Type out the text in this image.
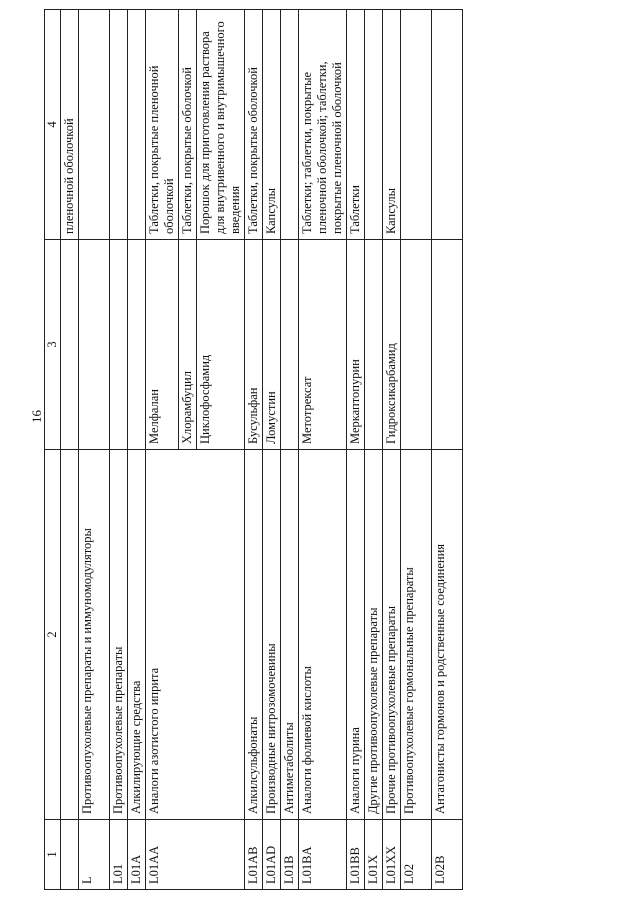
16
1	2	3	4
			пленочной оболочкой
L	Противоопухолевые препараты и иммуномодуляторы		
L01	Противоопухолевые препараты		
L01A	Алкилирующие средства		
L01AA	Аналоги азотистого иприта	Мелфалан	Таблетки, покрытые пленочной оболочкой
		Хлорамбуцил	Таблетки, покрытые оболочкой
		Циклофосфамид	Порошок для приготовления раствора для внутривенного и внутримышечного введения
L01AB	Алкилсульфонаты	Бусульфан	Таблетки, покрытые оболочкой
L01AD	Производные нитрозомочевины	Ломустин	Капсулы
L01B	Антиметаболиты		
L01BA	Аналоги фолиевой кислоты	Метотрексат	Таблетки; таблетки, покрытые пленочной оболочкой; таблетки, покрытые пленочной оболочкой
L01BB	Аналоги пурина	Меркаптопурин	Таблетки
L01X	Другие противоопухолевые препараты		
L01XX	Прочие противоопухолевые препараты	Гидроксикарбамид	Капсулы
L02	Противоопухолевые гормональные препараты		
L02B	Антагонисты гормонов и родственные соединения		
